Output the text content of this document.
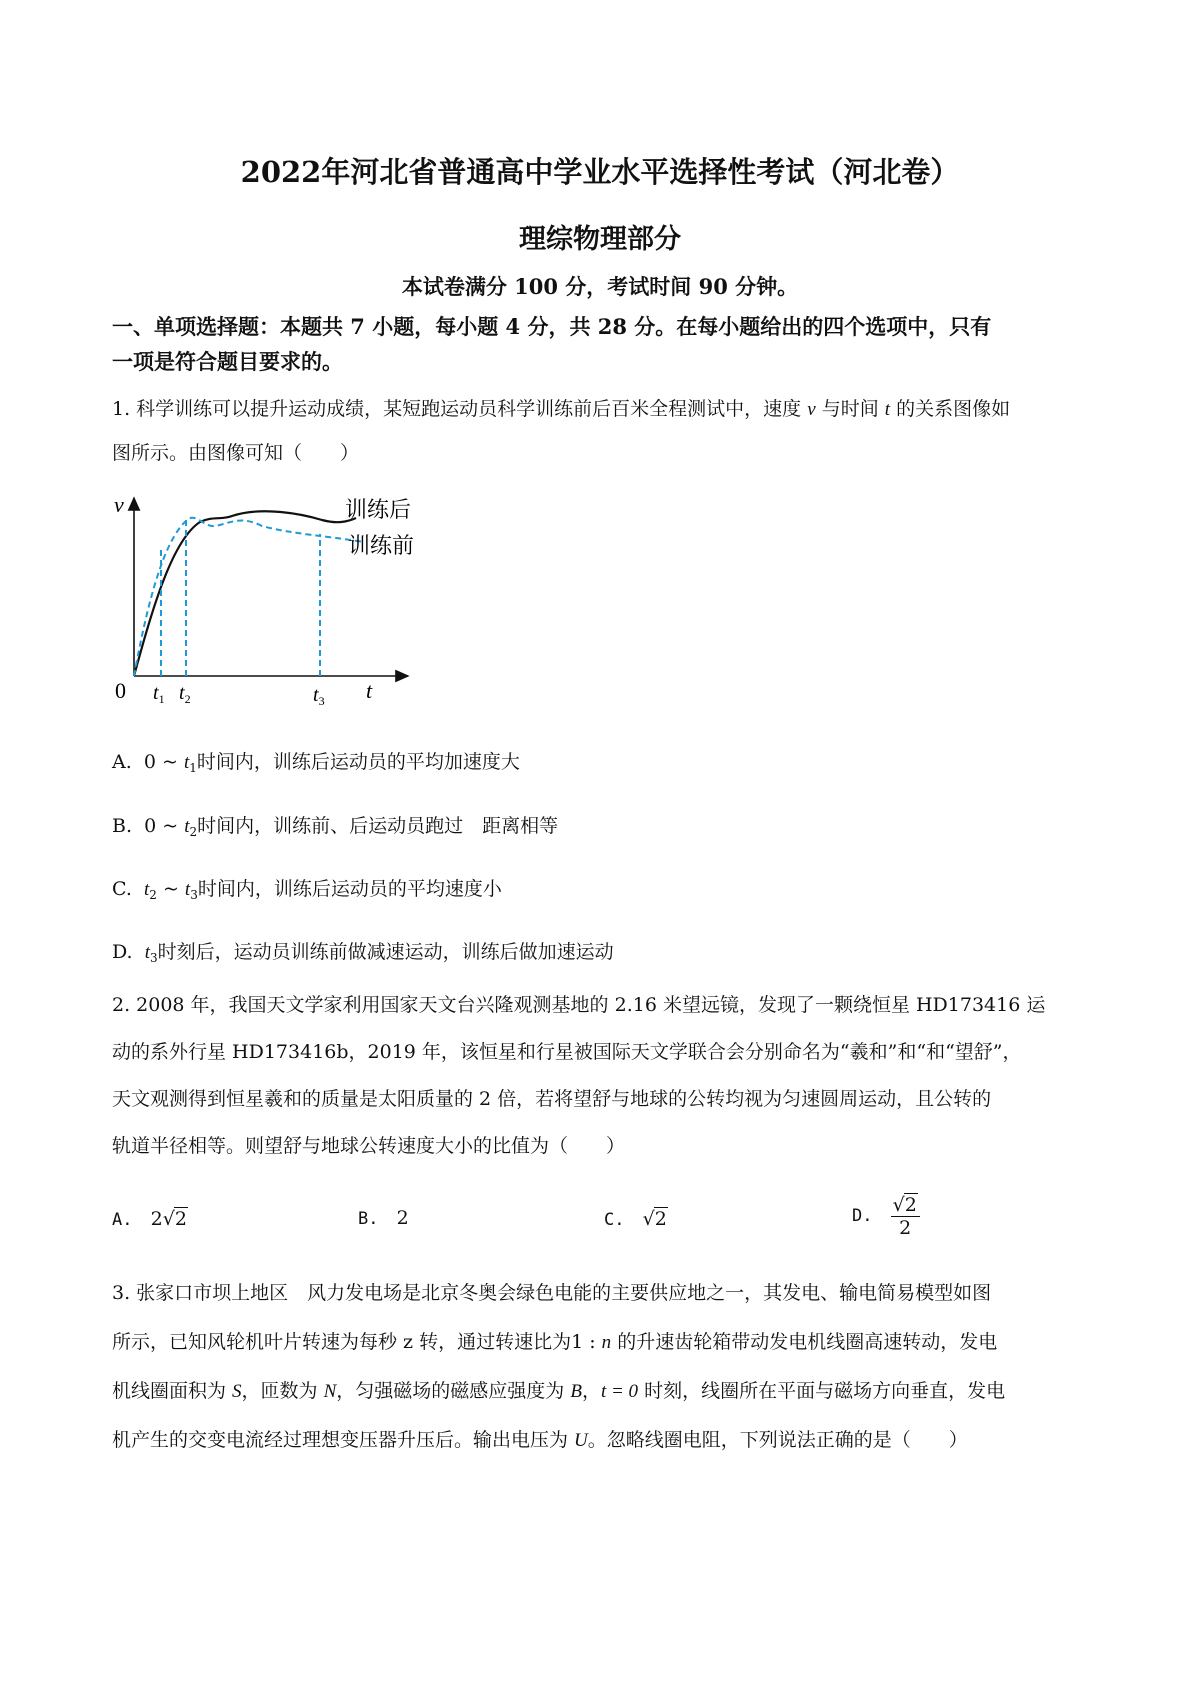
2022年河北省普通高中学业水平选择性考试（河北卷）
理综物理部分
本试卷满分 100 分，考试时间 90 分钟。
一、单项选择题：本题共 7 小题，每小题 4 分，共 28 分。在每小题给出的四个选项中，只有
一项是符合题目要求的。
1. 科学训练可以提升运动成绩，某短跑运动员科学训练前后百米全程测试中，速度 v 与时间 t 的关系图像如
图所示。由图像可知（　　）
v
0	t
$t_1$ $t_2$	$t_3$
训练后
训练前
A. 0 ~ $t_1$时间内，训练后运动员的平均加速度大
B. 0 ~ $t_2$时间内，训练前、后运动员跑过　距离相等
C. $t_2$ ~ $t_3$时间内，训练后运动员的平均速度小
D. $t_3$时刻后，运动员训练前做减速运动，训练后做加速运动
2. 2008 年，我国天文学家利用国家天文台兴隆观测基地的 2.16 米望远镜，发现了一颗绕恒星 HD173416 运
动的系外行星 HD173416b，2019 年，该恒星和行星被国际天文学联合会分别命名为“羲和”和“和“望舒”，
天文观测得到恒星羲和的质量是太阳质量的 2 倍，若将望舒与地球的公转均视为匀速圆周运动，且公转的
轨道半径相等。则望舒与地球公转速度大小的比值为（　　）
A. 2√2	B. 2	C.   √2	D. $\frac{√2}{2}$
3. 张家口市坝上地区　风力发电场是北京冬奥会绿色电能的主要供应地之一，其发电、输电简易模型如图
所示，已知风轮机叶片转速为每秒 z 转，通过转速比为1 : n 的升速齿轮箱带动发电机线圈高速转动，发电
机线圈面积为 S，匝数为 N，匀强磁场的磁感应强度为 B，t = 0 时刻，线圈所在平面与磁场方向垂直，发电
机产生的交变电流经过理想变压器升压后。输出电压为 U。忽略线圈电阻，下列说法正确的是（　　）
